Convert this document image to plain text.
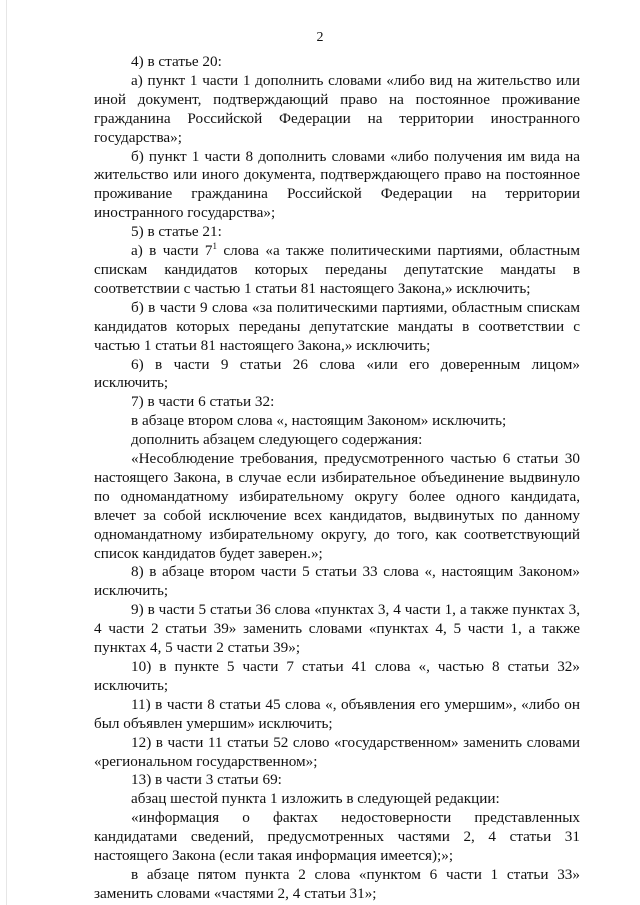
2

4) в статье 20:

а) пункт 1 части 1 дополнить словами «либо вид на жительство или иной документ, подтверждающий право на постоянное проживание гражданина Российской Федерации на территории иностранного государства»;

б) пункт 1 части 8 дополнить словами «либо получения им вида на жительство или иного документа, подтверждающего право на постоянное проживание гражданина Российской Федерации на территории иностранного государства»;

5) в статье 21:

а) в части $7^1$ слова «а также политическими партиями, областным спискам кандидатов которых переданы депутатские мандаты в соответствии с частью 1 статьи 81 настоящего Закона,» исключить;

б) в части 9 слова «за политическими партиями, областным спискам кандидатов которых переданы депутатские мандаты в соответствии с частью 1 статьи 81 настоящего Закона,» исключить;

6) в части 9 статьи 26 слова «или его доверенным лицом» исключить;

7) в части 6 статьи 32:

в абзаце втором слова «, настоящим Законом» исключить;

дополнить абзацем следующего содержания:

«Несоблюдение требования, предусмотренного частью 6 статьи 30 настоящего Закона, в случае если избирательное объединение выдвинуло по одномандатному избирательному округу более одного кандидата, влечет за собой исключение всех кандидатов, выдвинутых по данному одномандатному избирательному округу, до того, как соответствующий список кандидатов будет заверен.»;

8) в абзаце втором части 5 статьи 33 слова «, настоящим Законом» исключить;

9) в части 5 статьи 36 слова «пунктах 3, 4 части 1, а также пунктах 3, 4 части 2 статьи 39» заменить словами «пунктах 4, 5 части 1, а также пунктах 4, 5 части 2 статьи 39»;

10) в пункте 5 части 7 статьи 41 слова «, частью 8 статьи 32» исключить;

11) в части 8 статьи 45 слова «, объявления его умершим», «либо он был объявлен умершим» исключить;

12) в части 11 статьи 52 слово «государственном» заменить словами «региональном государственном»;

13) в части 3 статьи 69:

абзац шестой пункта 1 изложить в следующей редакции:

«информация о фактах недостоверности представленных кандидатами сведений, предусмотренных частями 2, 4 статьи 31 настоящего Закона (если такая информация имеется);»;

в абзаце пятом пункта 2 слова «пунктом 6 части 1 статьи 33» заменить словами «частями 2, 4 статьи 31»;
